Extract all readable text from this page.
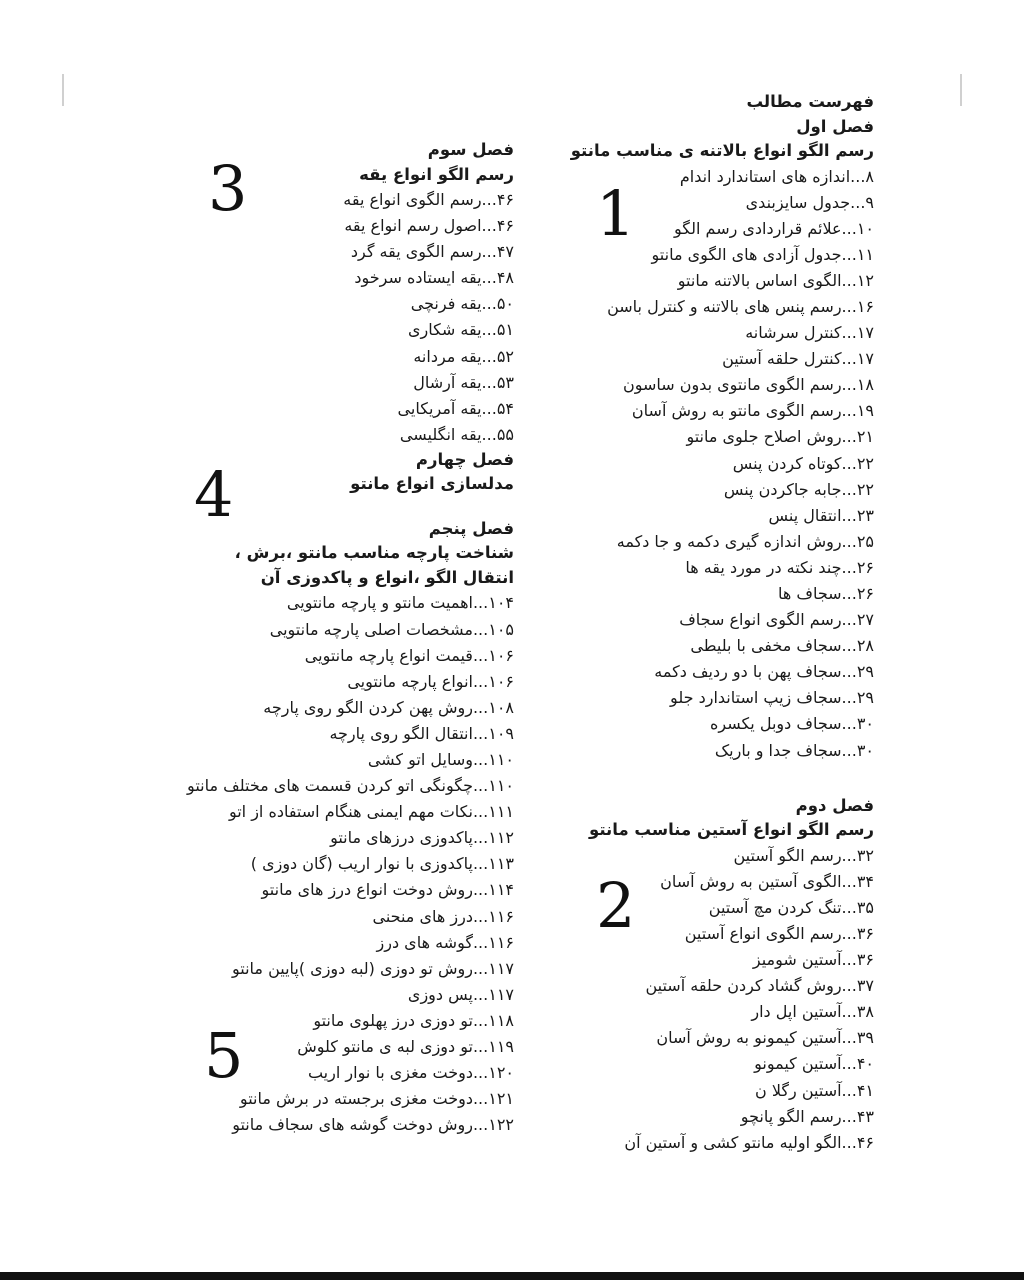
1
2
3
4
5
فهرست مطالب
فصل اول
رسم الگو انواع بالاتنه ی مناسب مانتو
۸...اندازه های استاندارد اندام
۹...جدول سایزبندی
۱۰...علائم قراردادی رسم الگو
۱۱...جدول آزادی های الگوی مانتو
۱۲...الگوی اساس بالاتنه مانتو
۱۶...رسم پنس های بالاتنه و کنترل باسن
۱۷...کنترل سرشانه
۱۷...کنترل حلقه آستین
۱۸...رسم الگوی مانتوی بدون ساسون
۱۹...رسم الگوی مانتو به روش آسان
۲۱...روش اصلاح جلوی مانتو
۲۲...کوتاه کردن پنس
۲۲...جابه جاکردن پنس
۲۳...انتقال پنس
۲۵...روش اندازه گیری دکمه و جا دکمه
۲۶...چند نکته در مورد یقه ها
۲۶...سجاف ها
۲۷...رسم الگوی انواع سجاف
۲۸...سجاف مخفی با بلیطی
۲۹...سجاف پهن با دو ردیف دکمه
۲۹...سجاف زیپ استاندارد جلو
۳۰...سجاف دوبل یکسره
۳۰...سجاف جدا و باریک
فصل دوم
رسم الگو انواع آستین مناسب مانتو
۳۲...رسم الگو آستین
۳۴...الگوی آستین به روش آسان
۳۵...تنگ کردن مچ آستین
۳۶...رسم الگوی انواع آستین
۳۶...آستین شومیز
۳۷...روش گشاد کردن حلقه آستین
۳۸...آستین اپل دار
۳۹...آستین کیمونو به روش آسان
۴۰...آستین کیمونو
۴۱...آستین رگلا ن
۴۳...رسم الگو پانچو
۴۶...الگو اولیه مانتو کشی و آستین آن
فصل سوم
رسم الگو انواع یقه
۴۶...رسم الگوی انواع یقه
۴۶...اصول رسم انواع یقه
۴۷...رسم الگوی یقه گرد
۴۸...یقه ایستاده سرخود
۵۰...یقه فرنچی
۵۱...یقه شکاری
۵۲...یقه مردانه
۵۳...یقه آرشال
۵۴...یقه آمریکایی
۵۵...یقه انگلیسی
فصل چهارم
مدلسازی انواع مانتو
فصل پنجم
شناخت پارچه مناسب مانتو ،برش ،
انتقال الگو ،انواع و پاکدوزی آن
۱۰۴...اهمیت مانتو و پارچه مانتویی
۱۰۵...مشخصات اصلی پارچه مانتویی
۱۰۶...قیمت انواع پارچه مانتویی
۱۰۶...انواع پارچه مانتویی
۱۰۸...روش پهن کردن الگو روی پارچه
۱۰۹...انتقال الگو روی پارچه
۱۱۰...وسایل اتو کشی
۱۱۰...چگونگی اتو کردن قسمت های مختلف مانتو
۱۱۱...نکات مهم ایمنی هنگام استفاده از اتو
۱۱۲...پاکدوزی درزهای مانتو
۱۱۳...پاکدوزی با نوار اریب (گان دوزی )
۱۱۴...روش دوخت انواع درز های مانتو
۱۱۶...درز های منحنی
۱۱۶...گوشه های درز
۱۱۷...روش تو دوزی (لبه دوزی )پایین مانتو
۱۱۷...پس دوزی
۱۱۸...تو دوزی درز پهلوی مانتو
۱۱۹...تو دوزی لبه ی مانتو کلوش
۱۲۰...دوخت مغزی با نوار اریب
۱۲۱...دوخت مغزی برجسته در برش مانتو
۱۲۲...روش دوخت گوشه های سجاف مانتو
